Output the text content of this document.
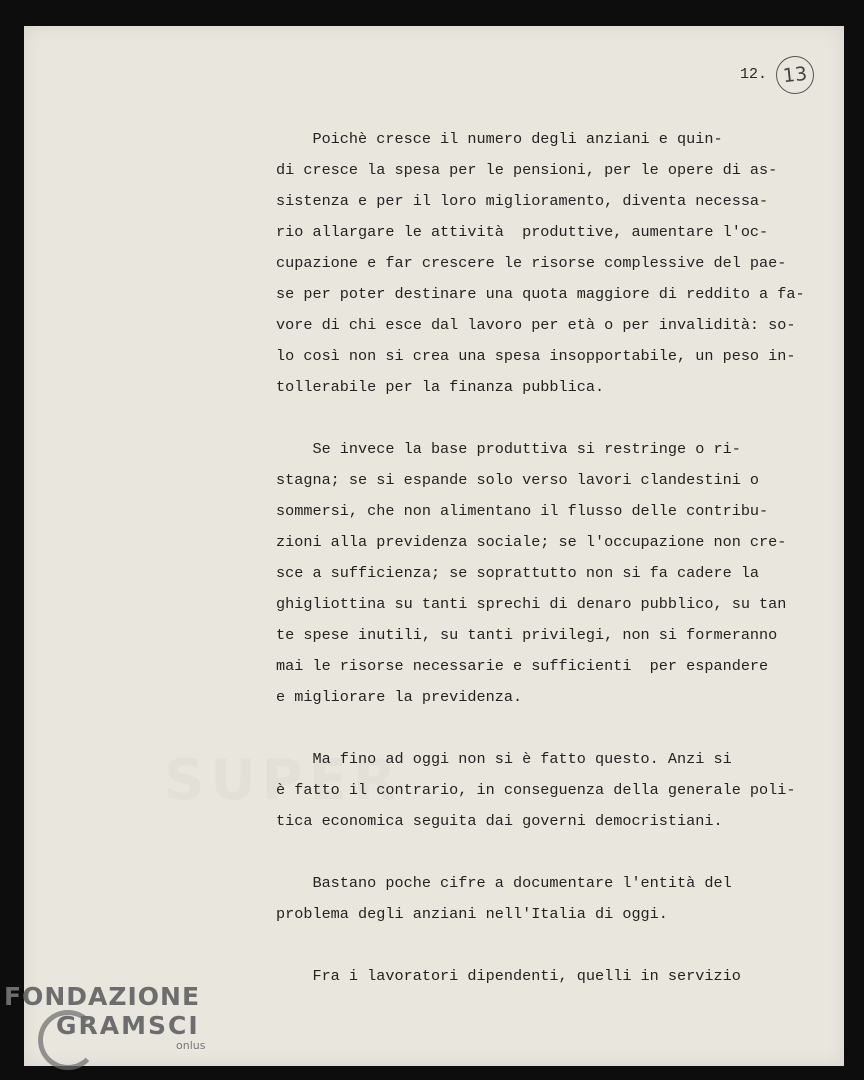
12. 13
Poichè cresce il numero degli anziani e quin-
di cresce la spesa per le pensioni, per le opere di as-
sistenza e per il loro miglioramento, diventa necessa-
rio allargare le attività  produttive, aumentare l'oc-
cupazione e far crescere le risorse complessive del pae-
se per poter destinare una quota maggiore di reddito a fa-
vore di chi esce dal lavoro per età o per invalidità: so-
lo così non si crea una spesa insopportabile, un peso in-
tollerabile per la finanza pubblica.
Se invece la base produttiva si restringe o ri-
stagna; se si espande solo verso lavori clandestini o
sommersi, che non alimentano il flusso delle contribu-
zioni alla previdenza sociale; se l'occupazione non cre-
sce a sufficienza; se soprattutto non si fa cadere la
ghigliottina su tanti sprechi di denaro pubblico, su tan
te spese inutili, su tanti privilegi, non si formeranno
mai le risorse necessarie e sufficienti  per espandere
e migliorare la previdenza.
Ma fino ad oggi non si è fatto questo. Anzi si
è fatto il contrario, in conseguenza della generale poli-
tica economica seguita dai governi democristiani.
Bastano poche cifre a documentare l'entità del
problema degli anziani nell'Italia di oggi.
Fra i lavoratori dipendenti, quelli in servizio
FONDAZIONE
GRAMSCI
onlus
